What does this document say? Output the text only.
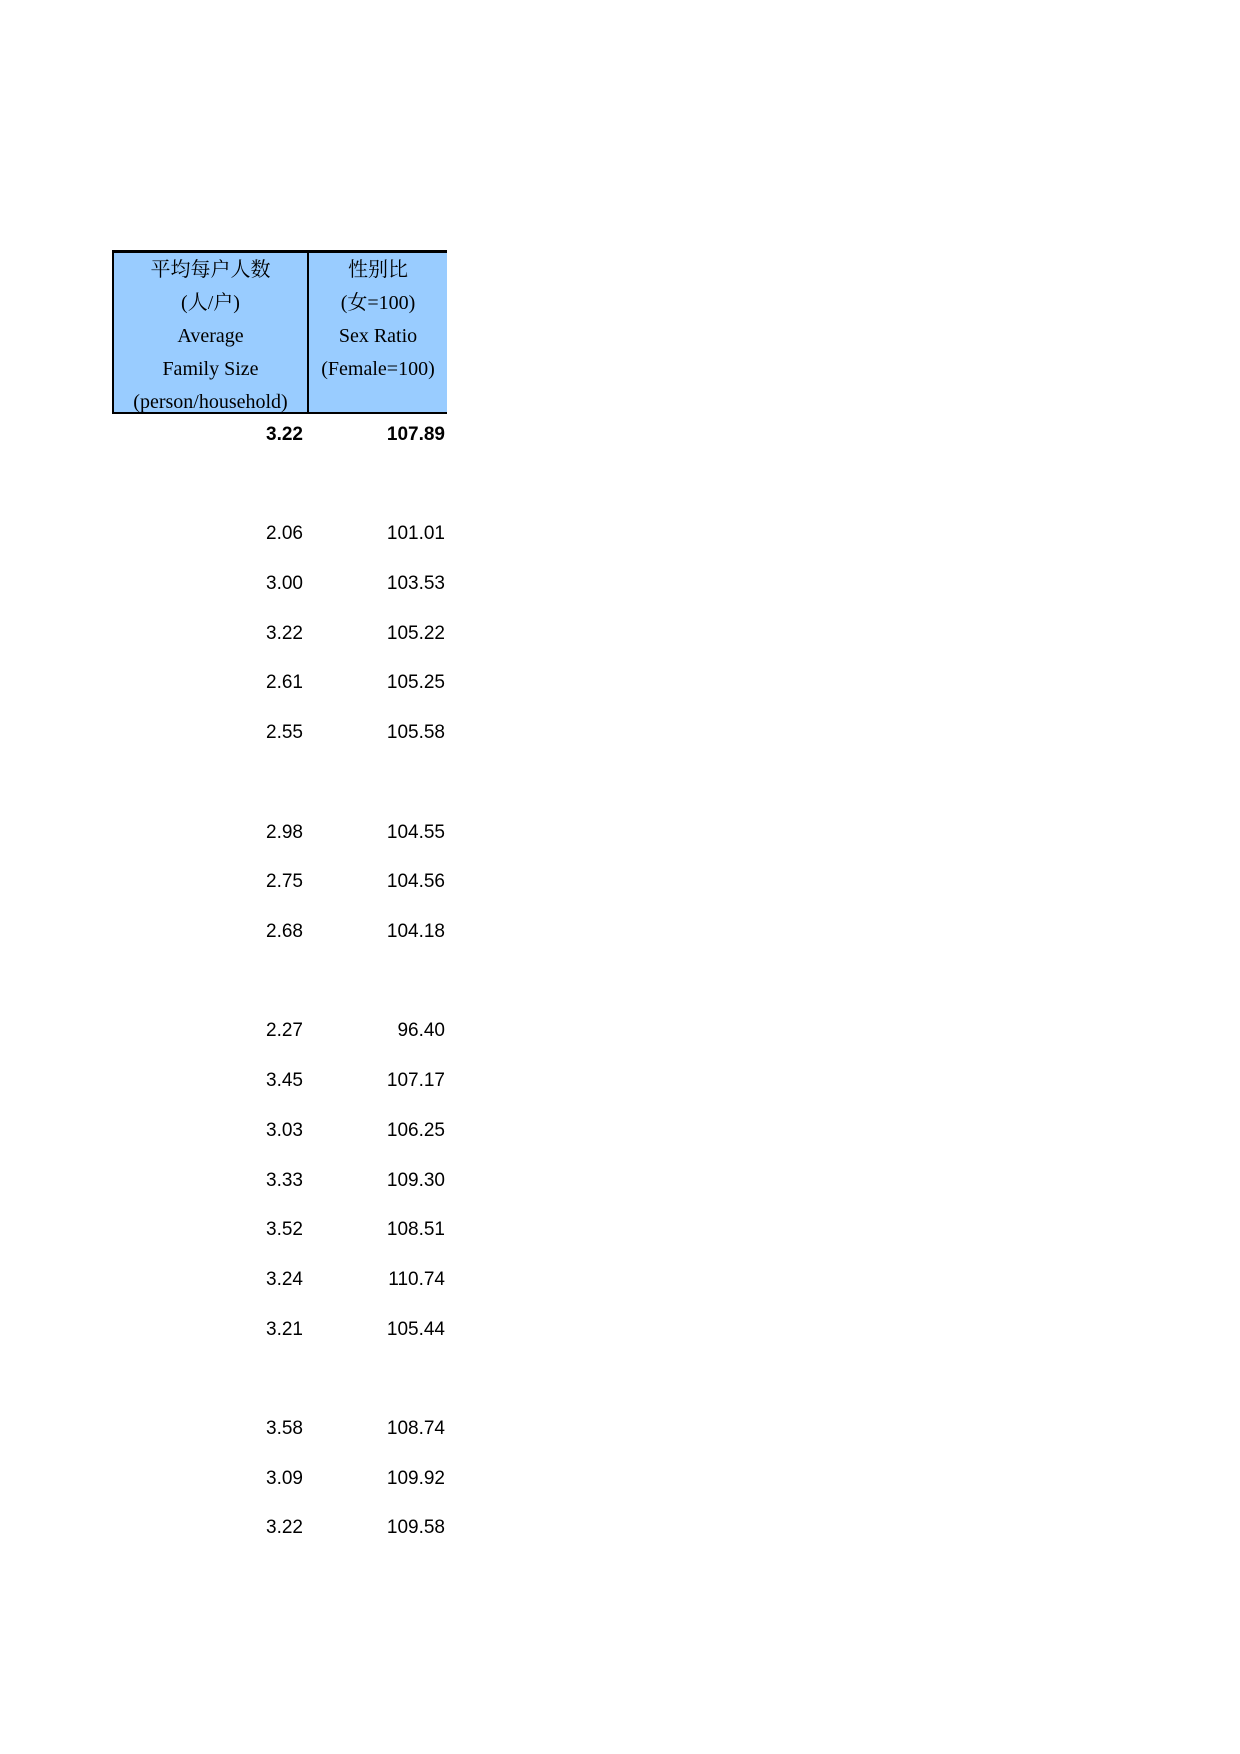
平均每户人数
(人/户)
Average
Family Size
(person/household)
性别比
(女=100)
Sex Ratio
(Female=100)
3.22	107.89
2.06	101.01
3.00	103.53
3.22	105.22
2.61	105.25
2.55	105.58
2.98	104.55
2.75	104.56
2.68	104.18
2.27	96.40
3.45	107.17
3.03	106.25
3.33	109.30
3.52	108.51
3.24	110.74
3.21	105.44
3.58	108.74
3.09	109.92
3.22	109.58
